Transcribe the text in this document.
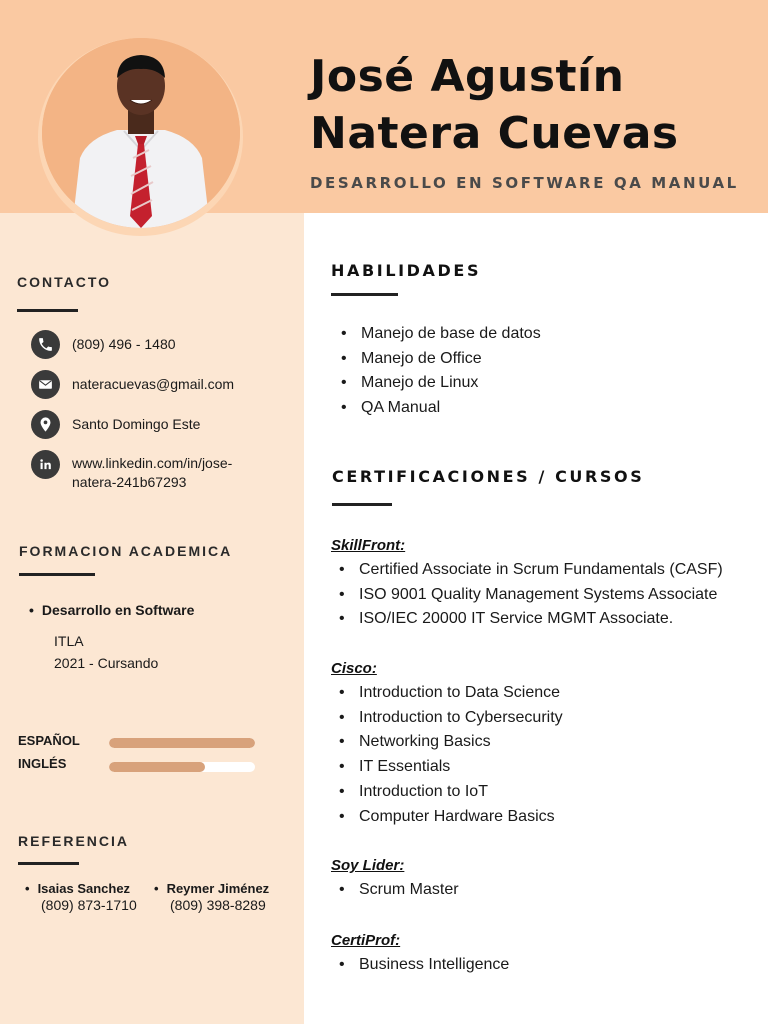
José Agustín
Natera Cuevas
DESARROLLO EN SOFTWARE QA MANUAL
CONTACTO
(809) 496 - 1480
nateracuevas@gmail.com
Santo Domingo Este
www.linkedin.com/in/jose-
natera-241b67293
FORMACION ACADEMICA
• Desarrollo en Software
ITLA
2021 - Cursando
ESPAÑOL
INGLÉS
REFERENCIA
• Isaias Sanchez
(809) 873-1710
• Reymer Jiménez
(809) 398-8289
HABILIDADES
• Manejo de base de datos
• Manejo de Office
• Manejo de Linux
• QA Manual
CERTIFICACIONES / CURSOS
SkillFront:
• Certified Associate in Scrum Fundamentals (CASF)
• ISO 9001 Quality Management Systems Associate
• ISO/IEC 20000 IT Service MGMT Associate.
Cisco:
• Introduction to Data Science
• Introduction to Cybersecurity
• Networking Basics
• IT Essentials
• Introduction to IoT
• Computer Hardware Basics
Soy Lider:
• Scrum Master
CertiProf:
• Business Intelligence
